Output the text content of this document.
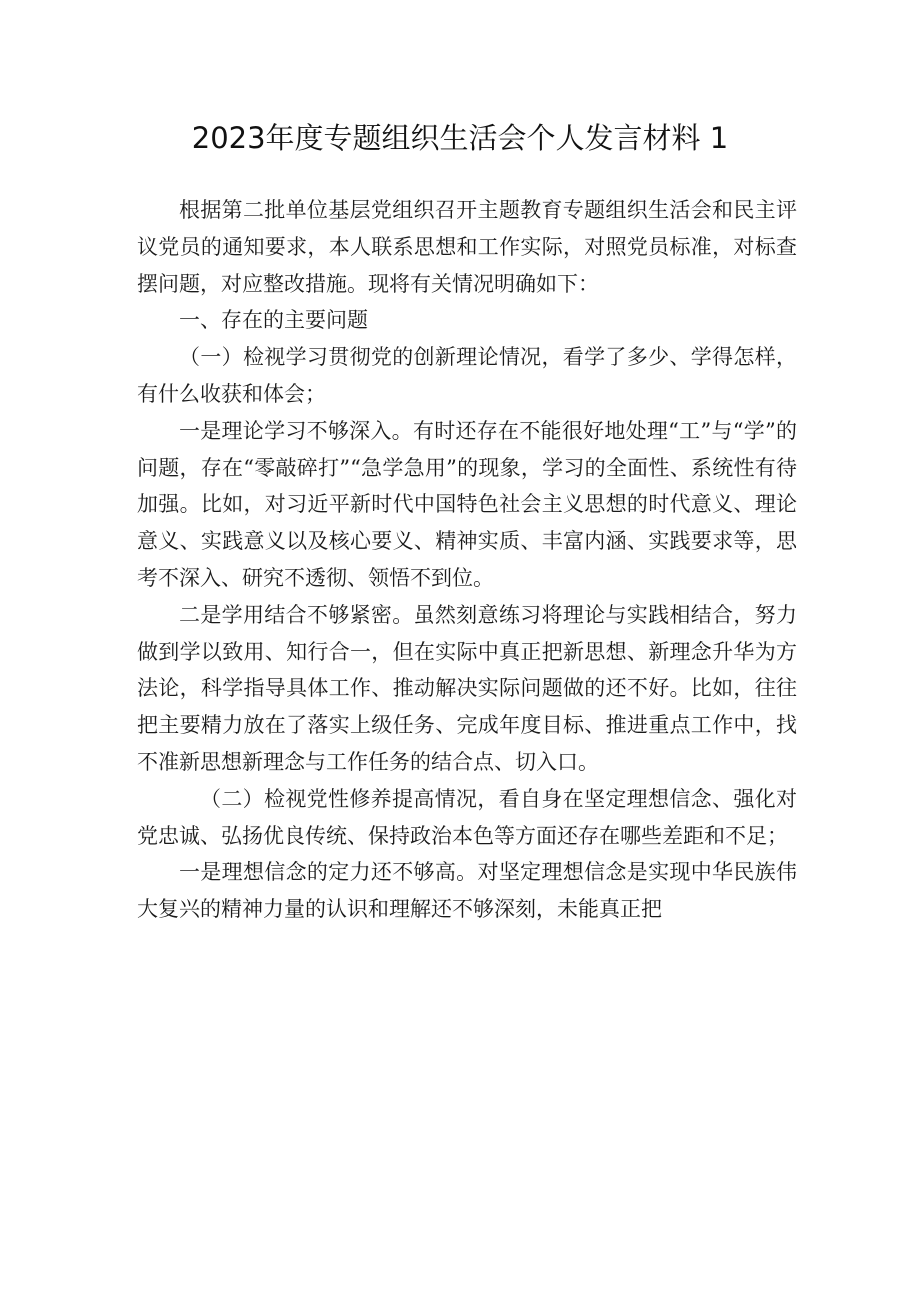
2023年度专题组织生活会个人发言材料 1

根据第二批单位基层党组织召开主题教育专题组织生活会和民主评议党员的通知要求，本人联系思想和工作实际，对照党员标准，对标查摆问题，对应整改措施。现将有关情况明确如下：

一、存在的主要问题

（一）检视学习贯彻党的创新理论情况，看学了多少、学得怎样，有什么收获和体会；

一是理论学习不够深入。有时还存在不能很好地处理“工”与“学”的问题，存在“零敲碎打”“急学急用”的现象，学习的全面性、系统性有待加强。比如，对习近平新时代中国特色社会主义思想的时代意义、理论意义、实践意义以及核心要义、精神实质、丰富内涵、实践要求等，思考不深入、研究不透彻、领悟不到位。

二是学用结合不够紧密。虽然刻意练习将理论与实践相结合，努力做到学以致用、知行合一，但在实际中真正把新思想、新理念升华为方法论，科学指导具体工作、推动解决实际问题做的还不好。比如，往往把主要精力放在了落实上级任务、完成年度目标、推进重点工作中，找不准新思想新理念与工作任务的结合点、切入口。

（二）检视党性修养提高情况，看自身在坚定理想信念、强化对党忠诚、弘扬优良传统、保持政治本色等方面还存在哪些差距和不足；

一是理想信念的定力还不够高。对坚定理想信念是实现中华民族伟大复兴的精神力量的认识和理解还不够深刻，未能真正把
